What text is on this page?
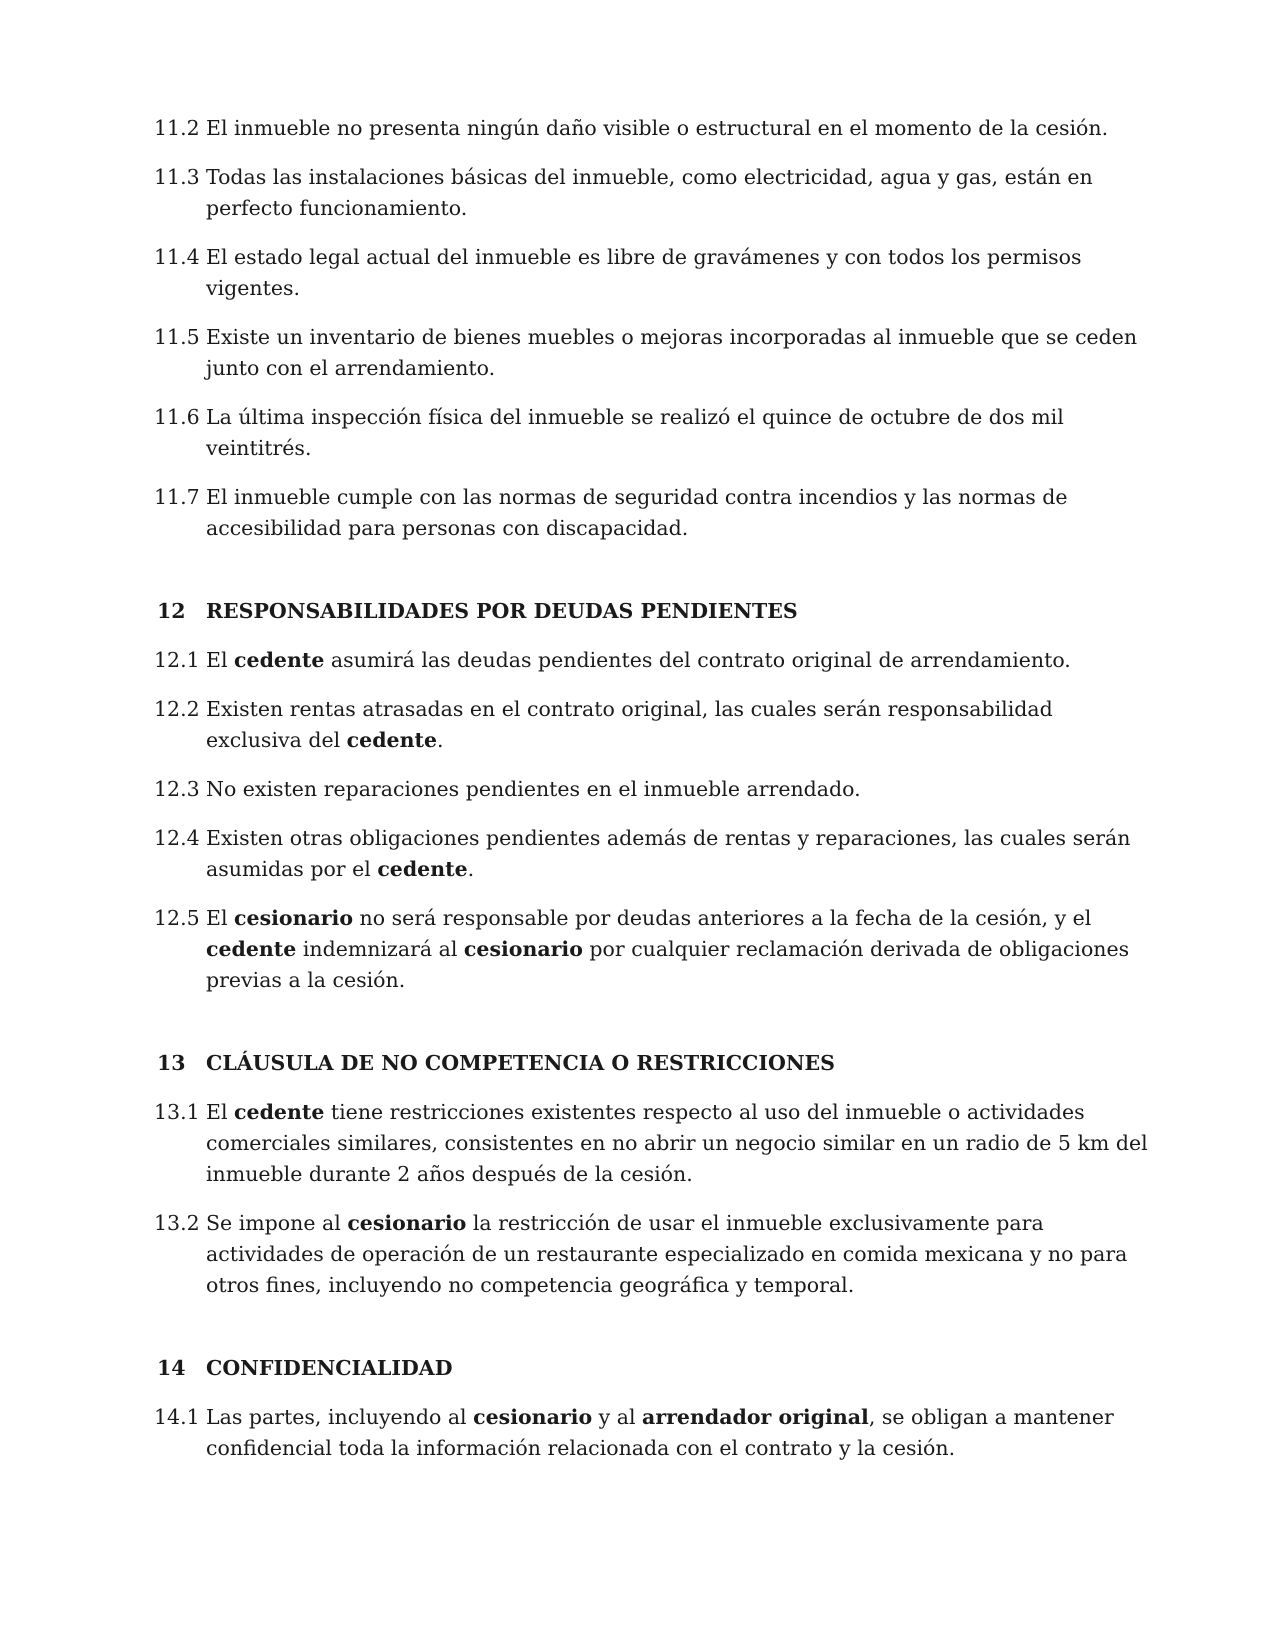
11.2 El inmueble no presenta ningún daño visible o estructural en el momento de la cesión.
11.3 Todas las instalaciones básicas del inmueble, como electricidad, agua y gas, están en perfecto funcionamiento.
11.4 El estado legal actual del inmueble es libre de gravámenes y con todos los permisos vigentes.
11.5 Existe un inventario de bienes muebles o mejoras incorporadas al inmueble que se ceden junto con el arrendamiento.
11.6 La última inspección física del inmueble se realizó el quince de octubre de dos mil veintitrés.
11.7 El inmueble cumple con las normas de seguridad contra incendios y las normas de accesibilidad para personas con discapacidad.
12 RESPONSABILIDADES POR DEUDAS PENDIENTES
12.1 El cedente asumirá las deudas pendientes del contrato original de arrendamiento.
12.2 Existen rentas atrasadas en el contrato original, las cuales serán responsabilidad exclusiva del cedente.
12.3 No existen reparaciones pendientes en el inmueble arrendado.
12.4 Existen otras obligaciones pendientes además de rentas y reparaciones, las cuales serán asumidas por el cedente.
12.5 El cesionario no será responsable por deudas anteriores a la fecha de la cesión, y el cedente indemnizará al cesionario por cualquier reclamación derivada de obligaciones previas a la cesión.
13 CLÁUSULA DE NO COMPETENCIA O RESTRICCIONES
13.1 El cedente tiene restricciones existentes respecto al uso del inmueble o actividades comerciales similares, consistentes en no abrir un negocio similar en un radio de 5 km del inmueble durante 2 años después de la cesión.
13.2 Se impone al cesionario la restricción de usar el inmueble exclusivamente para actividades de operación de un restaurante especializado en comida mexicana y no para otros fines, incluyendo no competencia geográfica y temporal.
14 CONFIDENCIALIDAD
14.1 Las partes, incluyendo al cesionario y al arrendador original, se obligan a mantener confidencial toda la información relacionada con el contrato y la cesión.
